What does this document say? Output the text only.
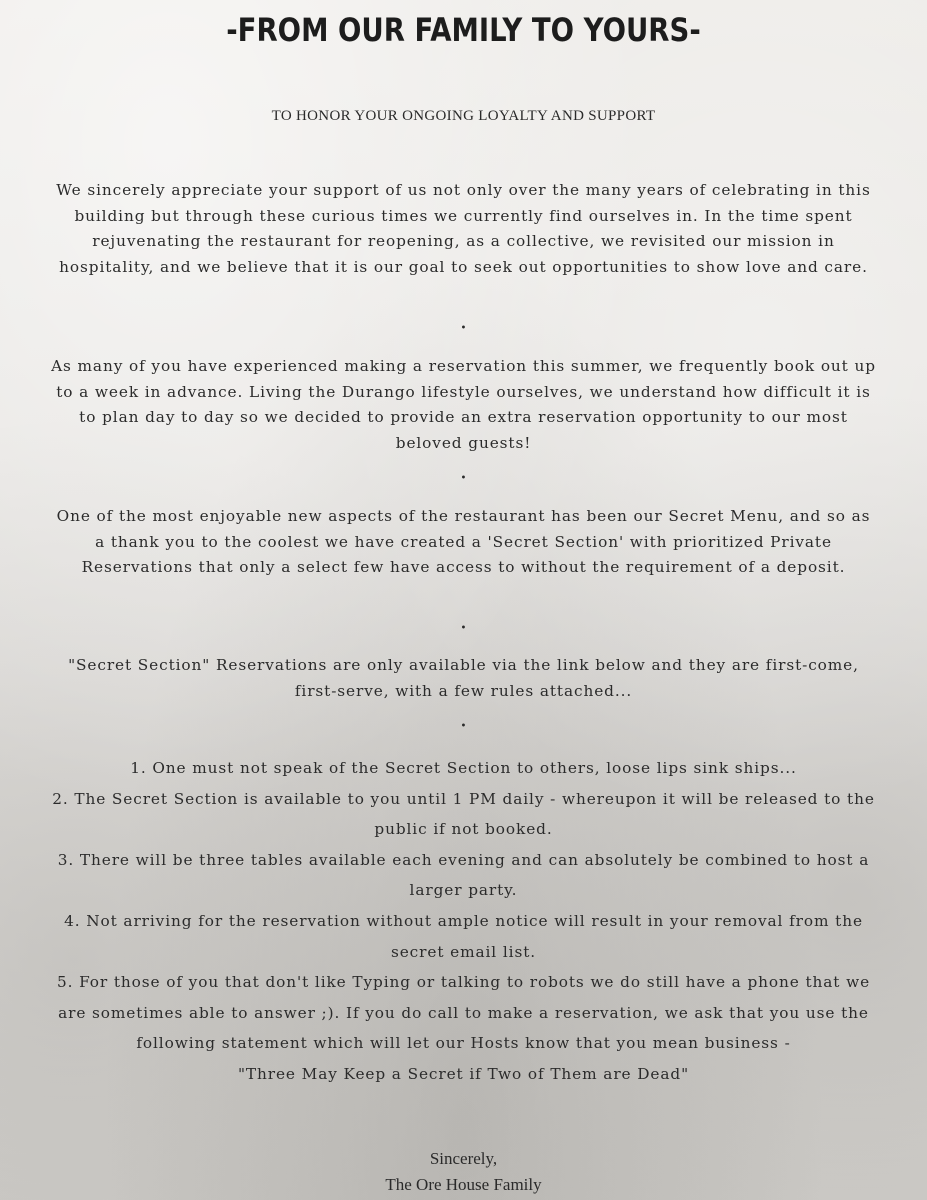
-FROM OUR FAMILY TO YOURS-

TO HONOR YOUR ONGOING LOYALTY AND SUPPORT

We sincerely appreciate your support of us not only over the many years of celebrating in this building but through these curious times we currently find ourselves in. In the time spent rejuvenating the restaurant for reopening, as a collective, we revisited our mission in hospitality, and we believe that it is our goal to seek out opportunities to show love and care.

•

As many of you have experienced making a reservation this summer, we frequently book out up to a week in advance. Living the Durango lifestyle ourselves, we understand how difficult it is to plan day to day so we decided to provide an extra reservation opportunity to our most beloved guests!

•

One of the most enjoyable new aspects of the restaurant has been our Secret Menu, and so as a thank you to the coolest we have created a 'Secret Section' with prioritized Private Reservations that only a select few have access to without the requirement of a deposit.

•

"Secret Section" Reservations are only available via the link below and they are first-come, first-serve, with a few rules attached...

•
1. One must not speak of the Secret Section to others, loose lips sink ships...
2. The Secret Section is available to you until 1 PM daily - whereupon it will be released to the public if not booked.
3. There will be three tables available each evening and can absolutely be combined to host a larger party.
4. Not arriving for the reservation without ample notice will result in your removal from the secret email list.
5. For those of you that don't like Typing or talking to robots we do still have a phone that we are sometimes able to answer ;). If you do call to make a reservation, we ask that you use the following statement which will let our Hosts know that you mean business -
"Three May Keep a Secret if Two of Them are Dead"
Sincerely,
The Ore House Family
